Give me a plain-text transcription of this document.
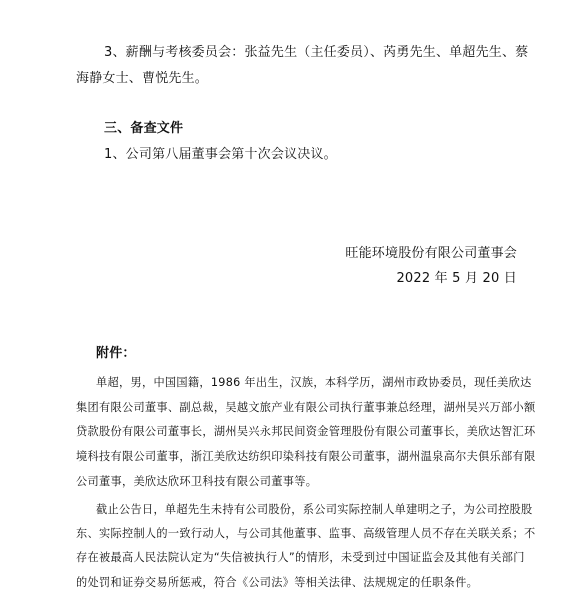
3、薪酬与考核委员会：张益先生（主任委员）、芮勇先生、单超先生、蔡
海静女士、曹悦先生。
三、备查文件
1、公司第八届董事会第十次会议决议。
旺能环境股份有限公司董事会
2022 年 5 月 20 日
附件：
单超，男，中国国籍，1986 年出生，汉族，本科学历，湖州市政协委员，现任美欣达
集团有限公司董事、副总裁，吴越文旅产业有限公司执行董事兼总经理，湖州吴兴万部小额
贷款股份有限公司董事长，湖州吴兴永邦民间资金管理股份有限公司董事长，美欣达智汇环
境科技有限公司董事，浙江美欣达纺织印染科技有限公司董事，湖州温泉高尔夫俱乐部有限
公司董事，美欣达欣环卫科技有限公司董事等。
截止公告日，单超先生未持有公司股份，系公司实际控制人单建明之子，为公司控股股
东、实际控制人的一致行动人，与公司其他董事、监事、高级管理人员不存在关联关系；不
存在被最高人民法院认定为“失信被执行人”的情形，未受到过中国证监会及其他有关部门
的处罚和证券交易所惩戒，符合《公司法》等相关法律、法规规定的任职条件。
